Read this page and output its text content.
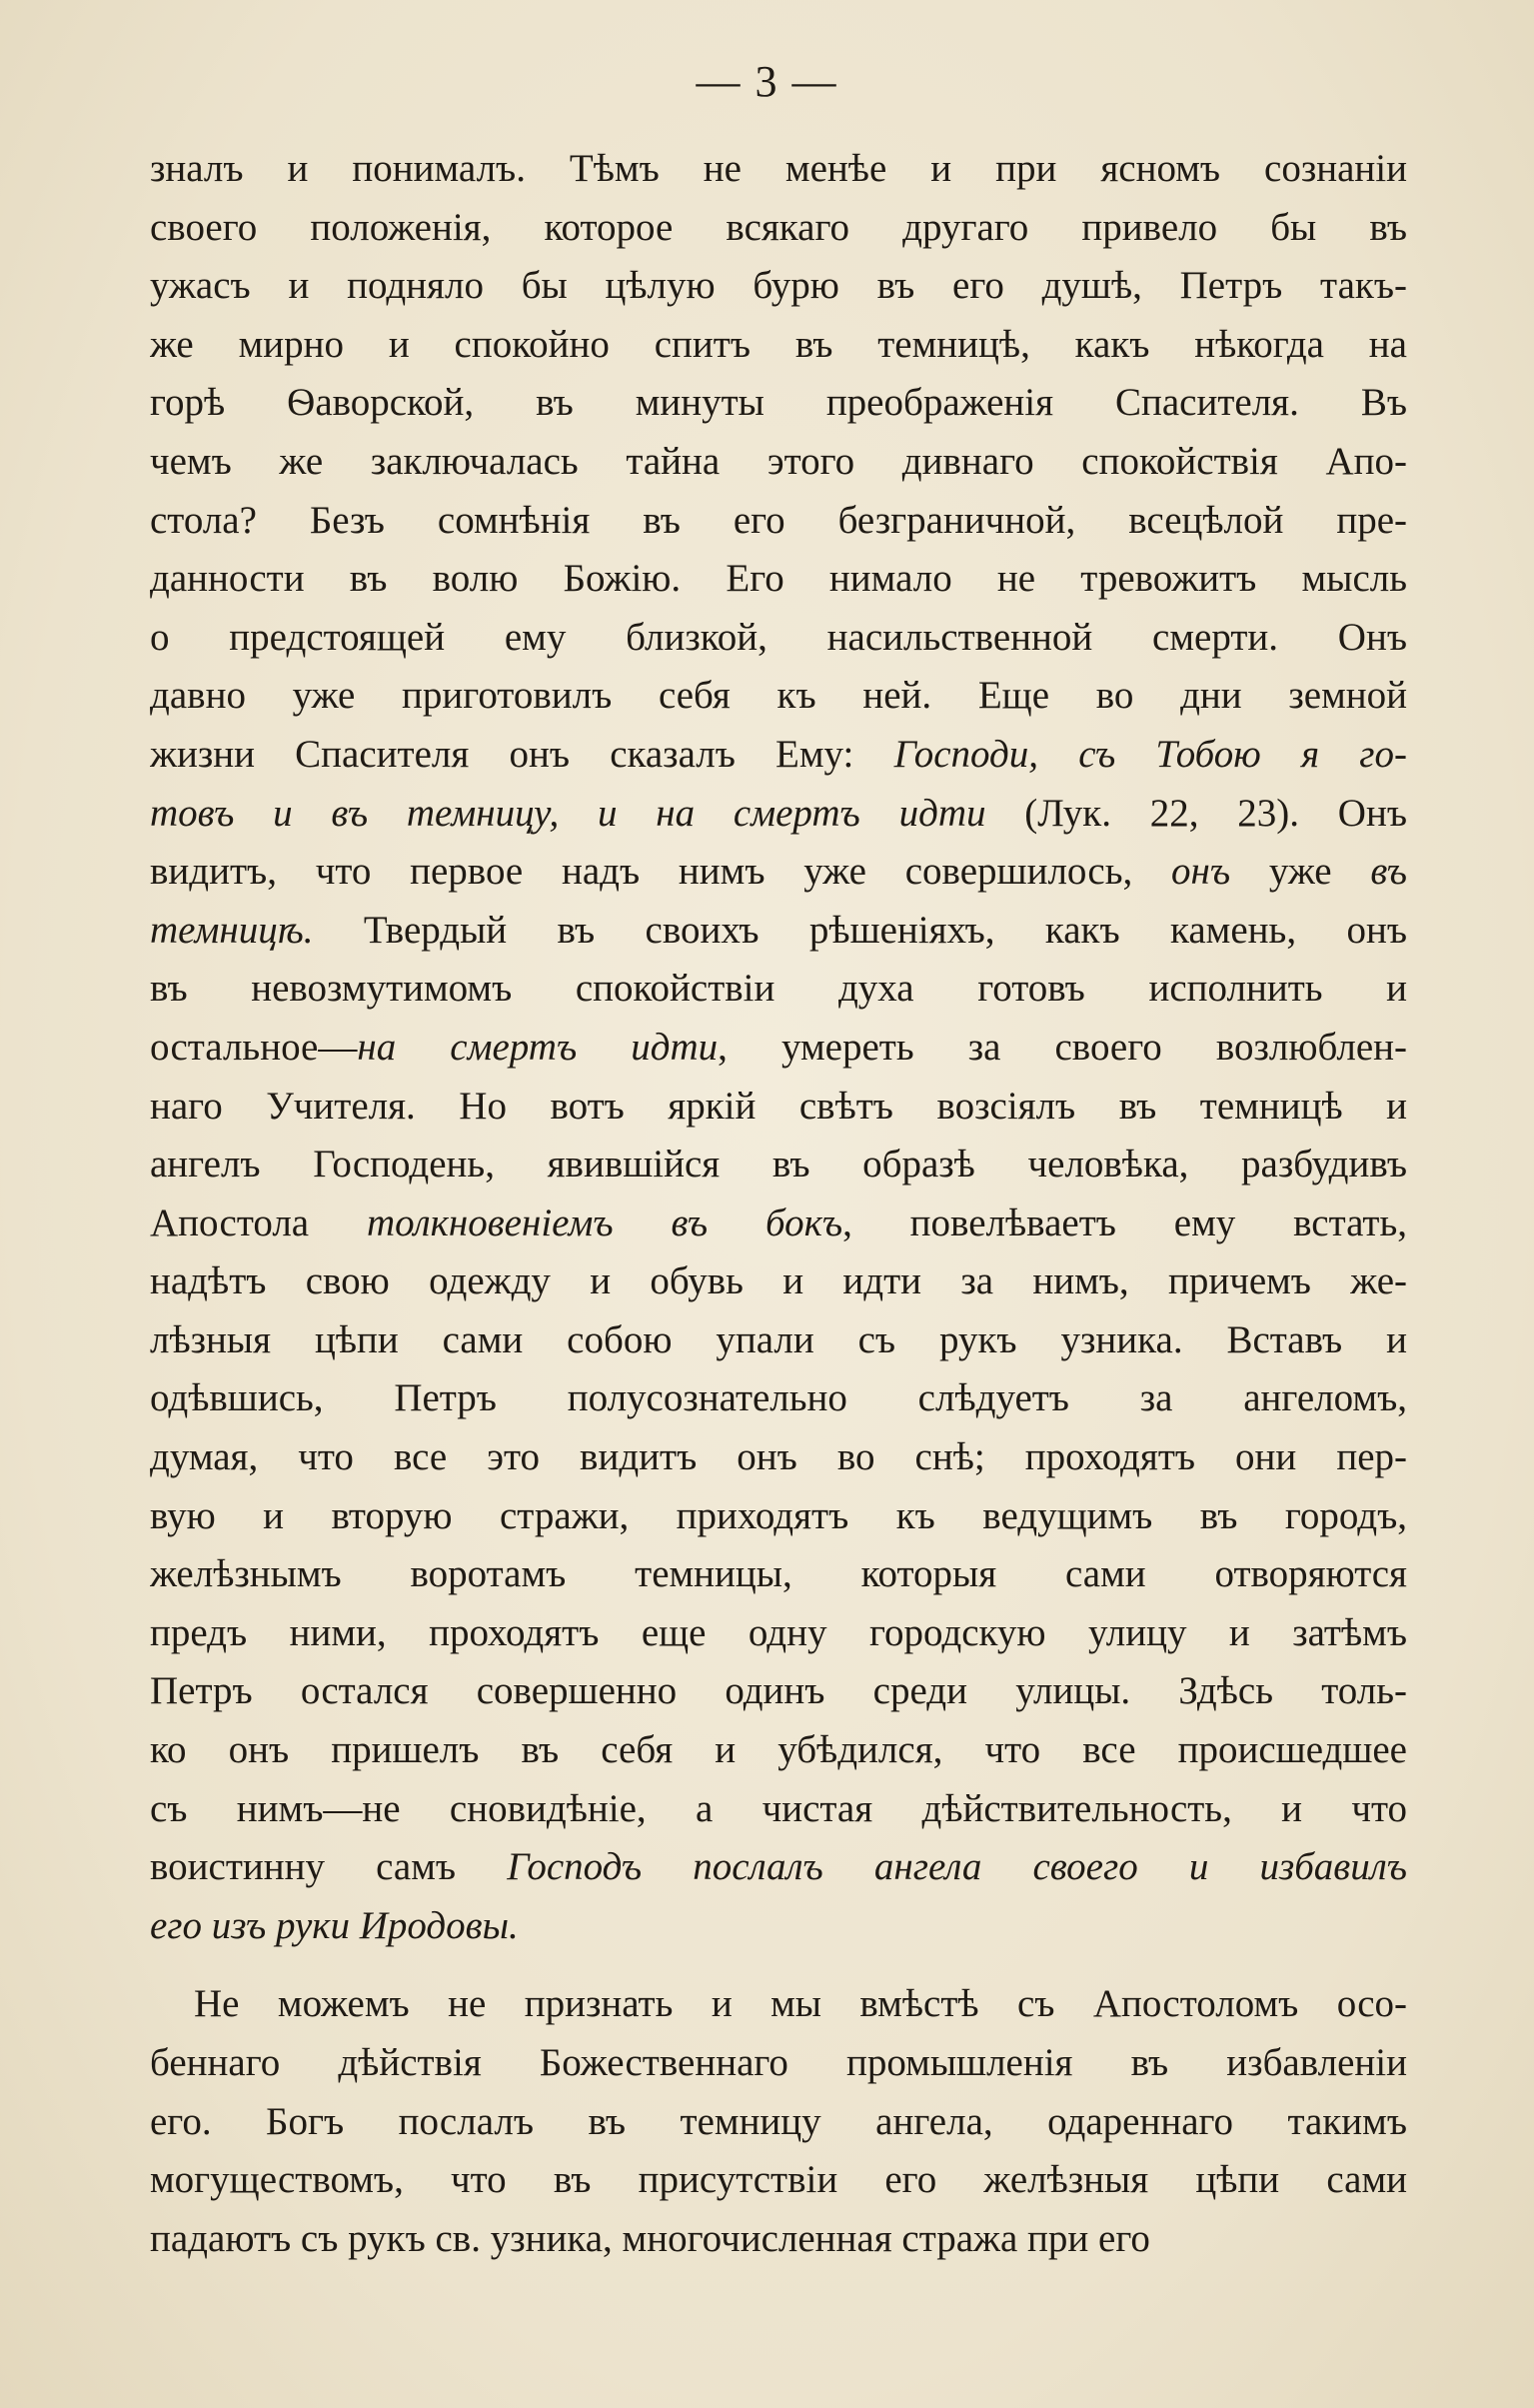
— 3 —
зналъ и понималъ. Тѣмъ не менѣе и при ясномъ сознаніи
своего положенія, которое всякаго другаго привело бы въ
ужасъ и подняло бы цѣлую бурю въ его душѣ, Петръ такъ-
же мирно и спокойно спитъ въ темницѣ, какъ нѣкогда на
горѣ Ѳаворской, въ минуты преображенія Спасителя. Въ
чемъ же заключалась тайна этого дивнаго спокойствія Апо-
стола? Безъ сомнѣнія въ его безграничной, всецѣлой пре-
данности въ волю Божію. Его нимало не тревожитъ мысль
о предстоящей ему близкой, насильственной смерти. Онъ
давно уже приготовилъ себя къ ней. Еще во дни земной
жизни Спасителя онъ сказалъ Ему: Господи, съ Тобою я го-
товъ и въ темницу, и на смертъ идти (Лук. 22, 23). Онъ
видитъ, что первое надъ нимъ уже совершилось, онъ уже въ
темницѣ. Твердый въ своихъ рѣшеніяхъ, какъ камень, онъ
въ невозмутимомъ спокойствіи духа готовъ исполнить и
остальное—на смертъ идти, умереть за своего возлюблен-
наго Учителя. Но вотъ яркій свѣтъ возсіялъ въ темницѣ и
ангелъ Господень, явившійся въ образѣ человѣка, разбудивъ
Апостола толкновеніемъ въ бокъ, повелѣваетъ ему встать,
надѣтъ свою одежду и обувь и идти за нимъ, причемъ же-
лѣзныя цѣпи сами собою упали съ рукъ узника. Вставъ и
одѣвшись, Петръ полусознательно слѣдуетъ за ангеломъ,
думая, что все это видитъ онъ во снѣ; проходятъ они пер-
вую и вторую стражи, приходятъ къ ведущимъ въ городъ,
желѣзнымъ воротамъ темницы, которыя сами отворяются
предъ ними, проходятъ еще одну городскую улицу и затѣмъ
Петръ остался совершенно одинъ среди улицы. Здѣсь толь-
ко онъ пришелъ въ себя и убѣдился, что все происшедшее
съ нимъ—не сновидѣніе, а чистая дѣйствительность, и что
воистинну самъ Господъ послалъ ангела своего и избавилъ
его изъ руки Иродовы.
Не можемъ не признать и мы вмѣстѣ съ Апостоломъ осо-
беннаго дѣйствія Божественнаго промышленія въ избавленіи
его. Богъ послалъ въ темницу ангела, одареннаго такимъ
могуществомъ, что въ присутствіи его желѣзныя цѣпи сами
падаютъ съ рукъ св. узника, многочисленная стража при его
